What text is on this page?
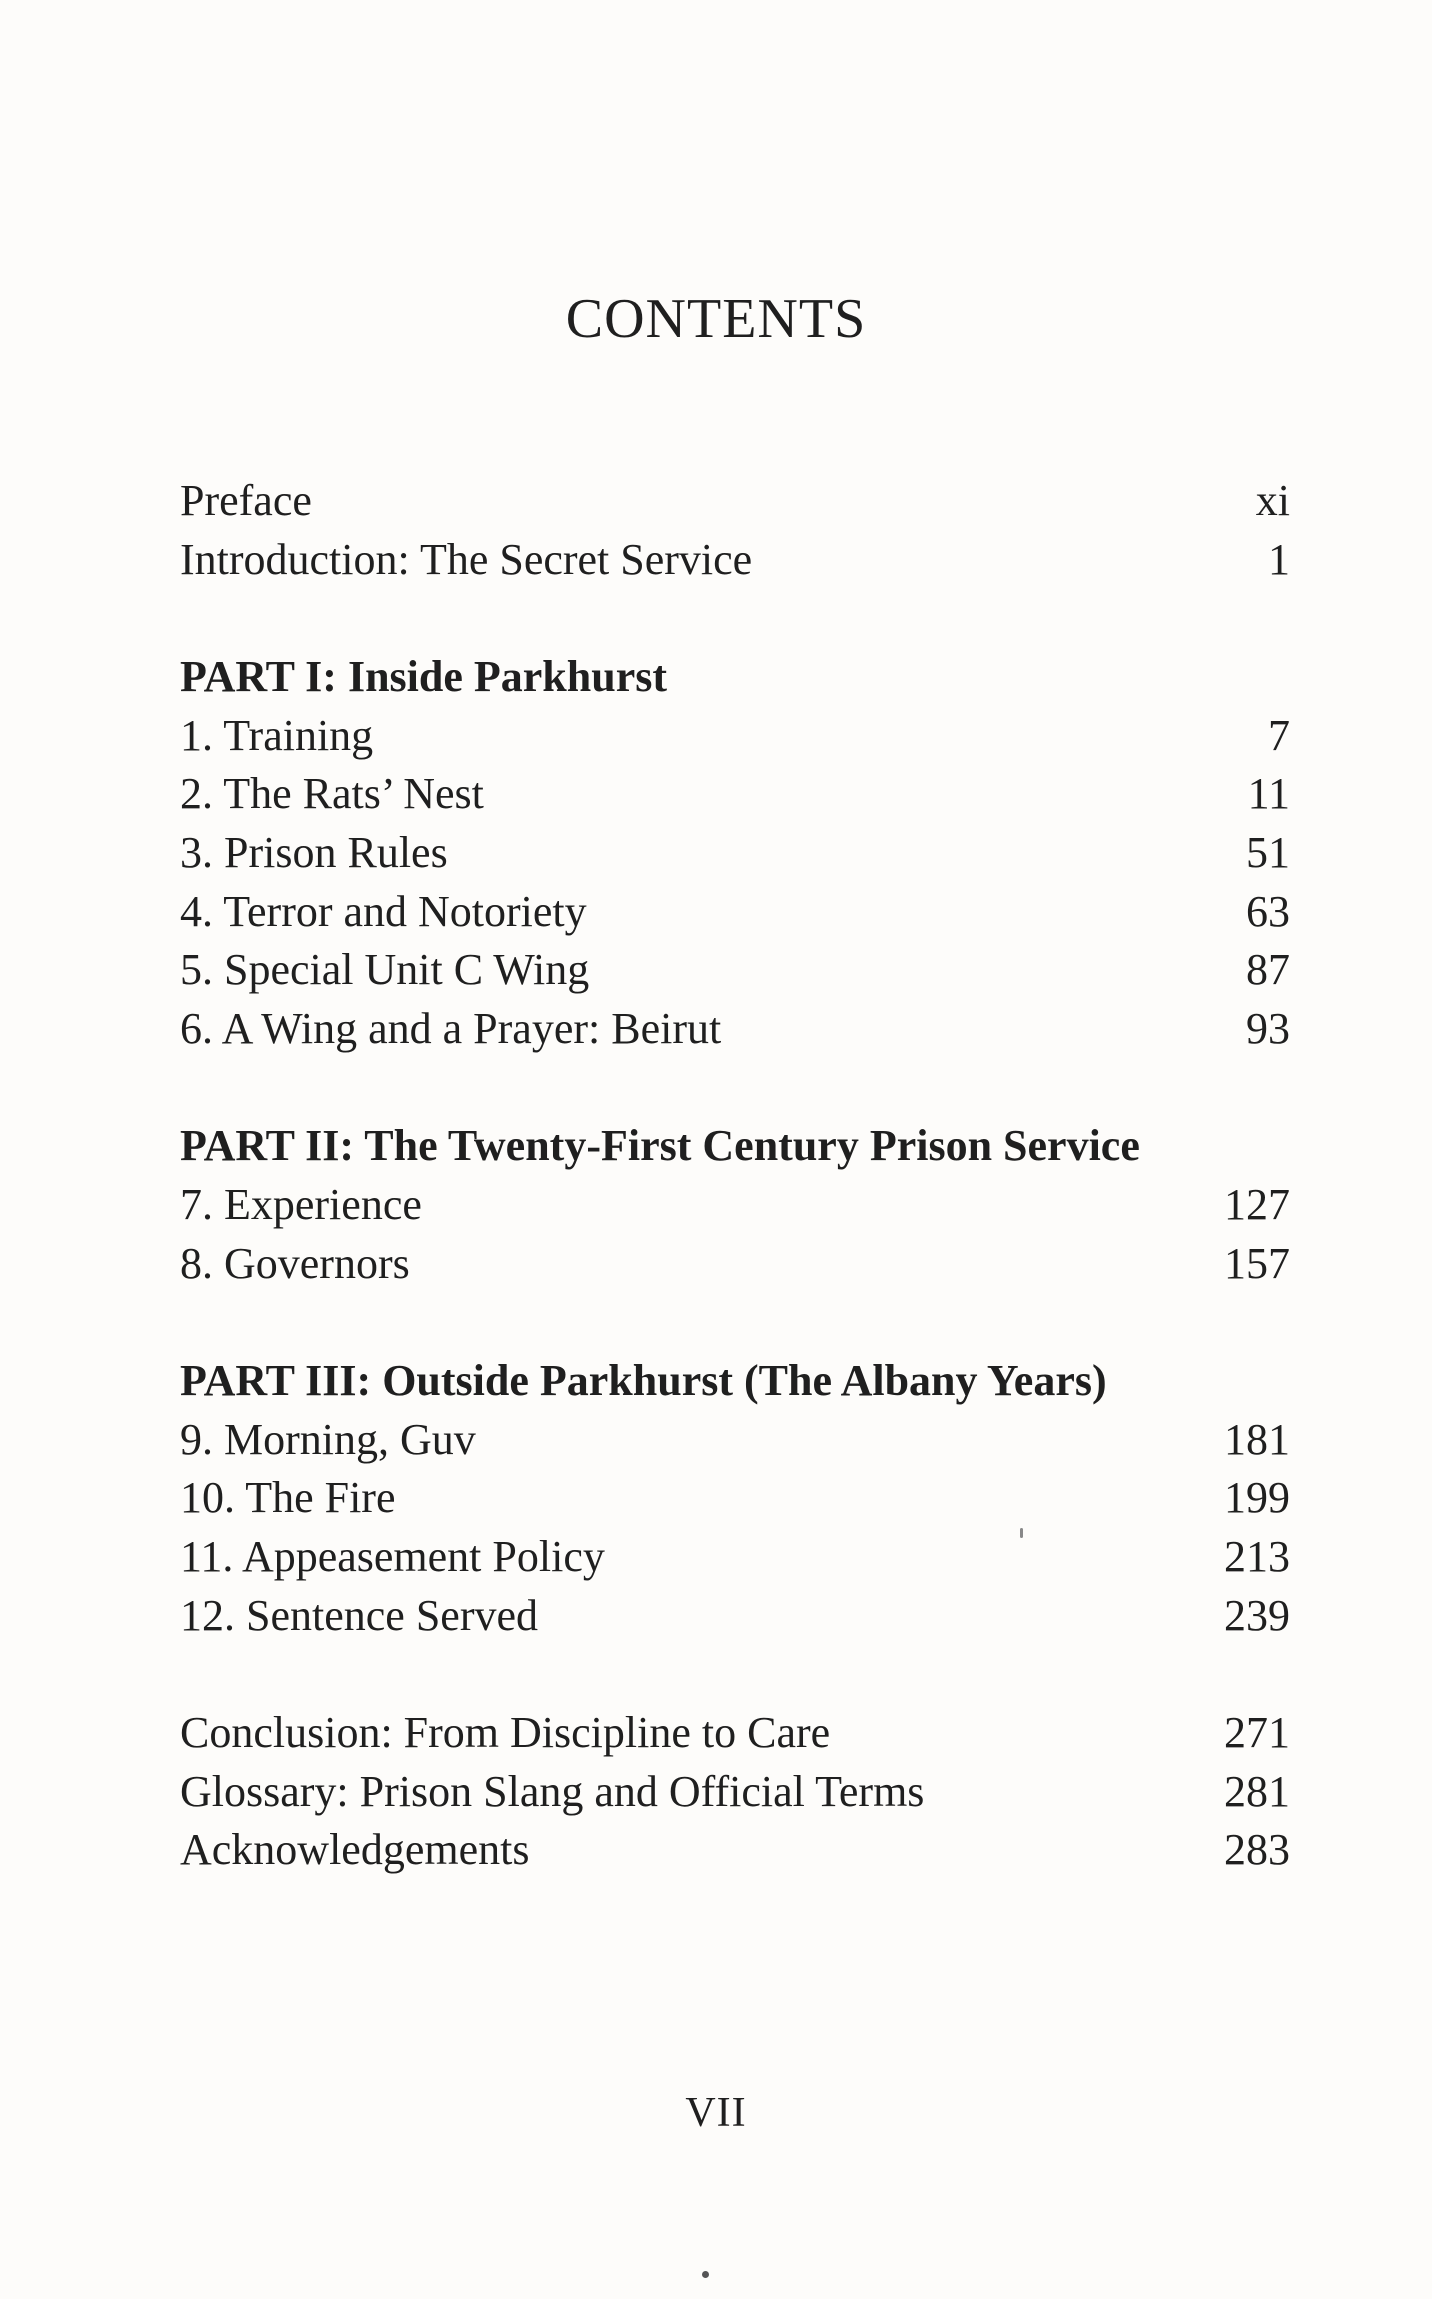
CONTENTS
Preface	xi
Introduction: The Secret Service	1
PART I: Inside Parkhurst
1. Training	7
2. The Rats’ Nest	11
3. Prison Rules	51
4. Terror and Notoriety	63
5. Special Unit C Wing	87
6. A Wing and a Prayer: Beirut	93
PART II: The Twenty-First Century Prison Service
7. Experience	127
8. Governors	157
PART III: Outside Parkhurst (The Albany Years)
9. Morning, Guv	181
10. The Fire	199
11. Appeasement Policy	213
12. Sentence Served	239
Conclusion: From Discipline to Care	271
Glossary: Prison Slang and Official Terms	281
Acknowledgements	283
VII
